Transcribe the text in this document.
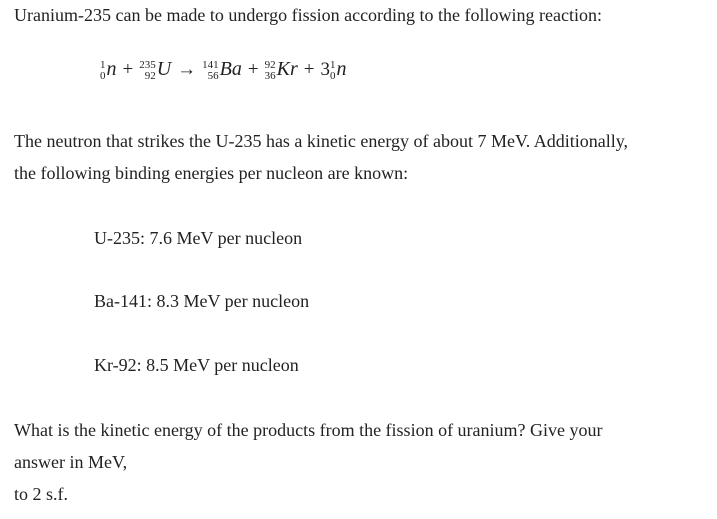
Uranium-235 can be made to undergo fission according to the following reaction:
1
0 n + 235
92 U → 141
56 Ba + 92
36 Kr + 3 1
0 n
The neutron that strikes the U-235 has a kinetic energy of about 7 MeV. Additionally,
the following binding energies per nucleon are known:
U-235: 7.6 MeV per nucleon
Ba-141: 8.3 MeV per nucleon
Kr-92: 8.5 MeV per nucleon
What is the kinetic energy of the products from the fission of uranium? Give your
answer in MeV,
to 2 s.f.
